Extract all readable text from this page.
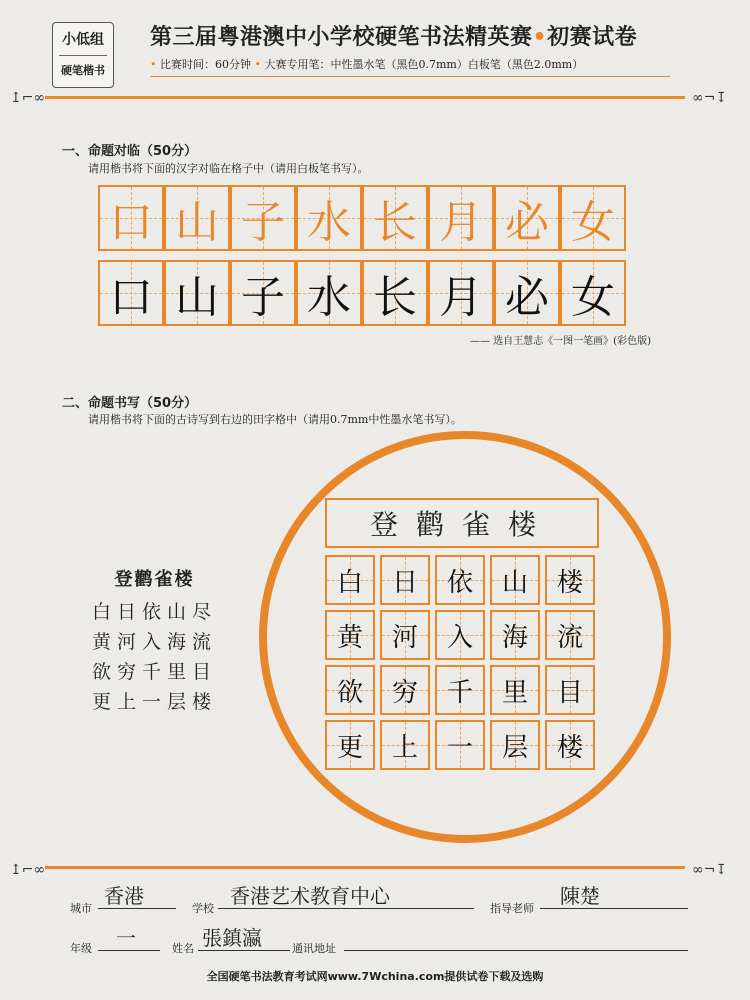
小低组
硬笔楷书
第三届粤港澳中小学校硬笔书法精英赛•初赛试卷
• 比赛时间：60分钟 • 大赛专用笔：中性墨水笔（黑色0.7mm）白板笔（黑色2.0mm）
↥⌐∞	∞¬↧
一、命题对临（50分）
请用楷书将下面的汉字对临在格子中（请用白板笔书写）。
口 山 子 水 长 月 必 女
口 山 子 水 长 月 必 女
—— 选自王慧志《一图一笔画》(彩色版)
二、命题书写（50分）
请用楷书将下面的古诗写到右边的田字格中（请用0.7mm中性墨水笔书写）。
登鹳雀楼
白日依山尽
黄河入海流
欲穷千里目
更上一层楼
登鹳雀楼
白 日 依 山 楼
黄 河 入 海 流
欲 穷 千 里 目
更 上 一 层 楼
↥⌐∞	∞¬↧
城市
香港
学校
香港艺术教育中心
指导老师
陳楚
年级	一	姓名 張鎮瀛	通讯地址
全国硬笔书法教育考试网www.7Wchina.com提供试卷下载及选购
